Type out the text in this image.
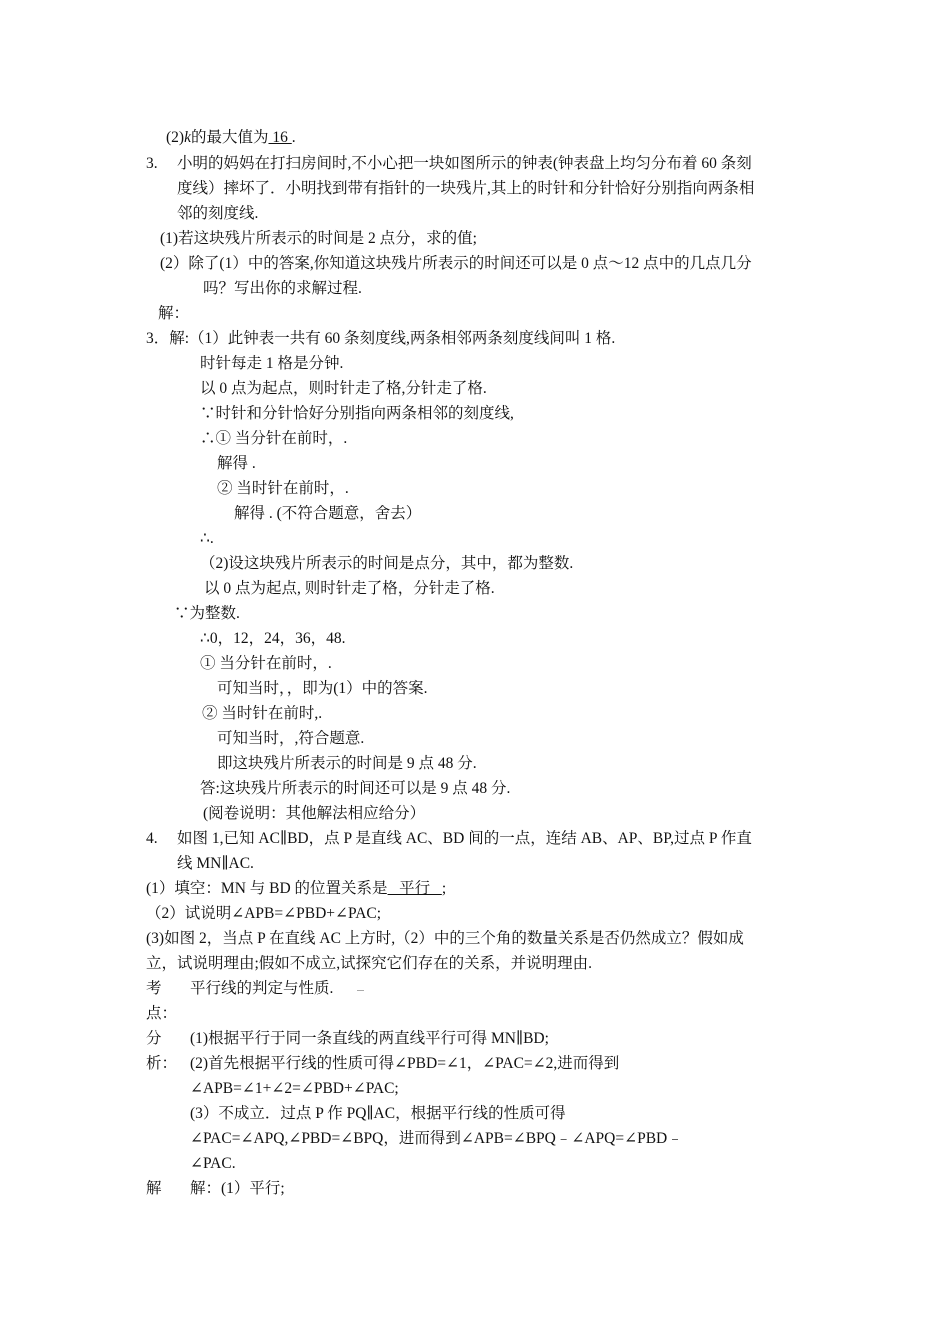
(2)k的最大值为 16 .
3. 小明的妈妈在打扫房间时,不小心把一块如图所示的钟表(钟表盘上均匀分布着 60 条刻
度线）摔坏了．小明找到带有指针的一块残片,其上的时针和分针恰好分别指向两条相
邻的刻度线.
(1)若这块残片所表示的时间是 2 点分，求的值;
(2）除了(1）中的答案,你知道这块残片所表示的时间还可以是 0 点～12 点中的几点几分
吗？写出你的求解过程.
解：
3．解:（1）此钟表一共有 60 条刻度线,两条相邻两条刻度线间叫 1 格.
时针每走 1 格是分钟.
以 0 点为起点，则时针走了格,分针走了格.
∵时针和分针恰好分别指向两条相邻的刻度线,
∴① 当分针在前时，.
解得 .
② 当时针在前时，.
解得 . (不符合题意，舍去）
∴.
（2)设这块残片所表示的时间是点分，其中，都为整数.
以 0 点为起点, 则时针走了格，分针走了格.
∵为整数.
∴0，12，24，36，48.
① 当分针在前时，.
可知当时，，即为(1）中的答案.
② 当时针在前时,.
可知当时，,符合题意.
即这块残片所表示的时间是 9 点 48 分.
答:这块残片所表示的时间还可以是 9 点 48 分.
(阅卷说明：其他解法相应给分）
4. 如图 1,已知 AC∥BD，点 P 是直线 AC、BD 间的一点，连结 AB、AP、BP,过点 P 作直
线 MN∥AC.
(1）填空：MN 与 BD 的位置关系是   平行   ;
（2）试说明∠APB=∠PBD+∠PAC;
(3)如图 2，当点 P 在直线 AC 上方时,（2）中的三个角的数量关系是否仍然成立？假如成
立，试说明理由;假如不成立,试探究它们存在的关系，并说明理由.
考 平行线的判定与性质.
点：
分 (1)根据平行于同一条直线的两直线平行可得 MN∥BD;
析： (2)首先根据平行线的性质可得∠PBD=∠1，∠PAC=∠2,进而得到
∠APB=∠1+∠2=∠PBD+∠PAC;
(3）不成立．过点 P 作 PQ∥AC，根据平行线的性质可得
∠PAC=∠APQ,∠PBD=∠BPQ，进而得到∠APB=∠BPQ﹣∠APQ=∠PBD﹣
∠PAC.
解 解：(1）平行;
